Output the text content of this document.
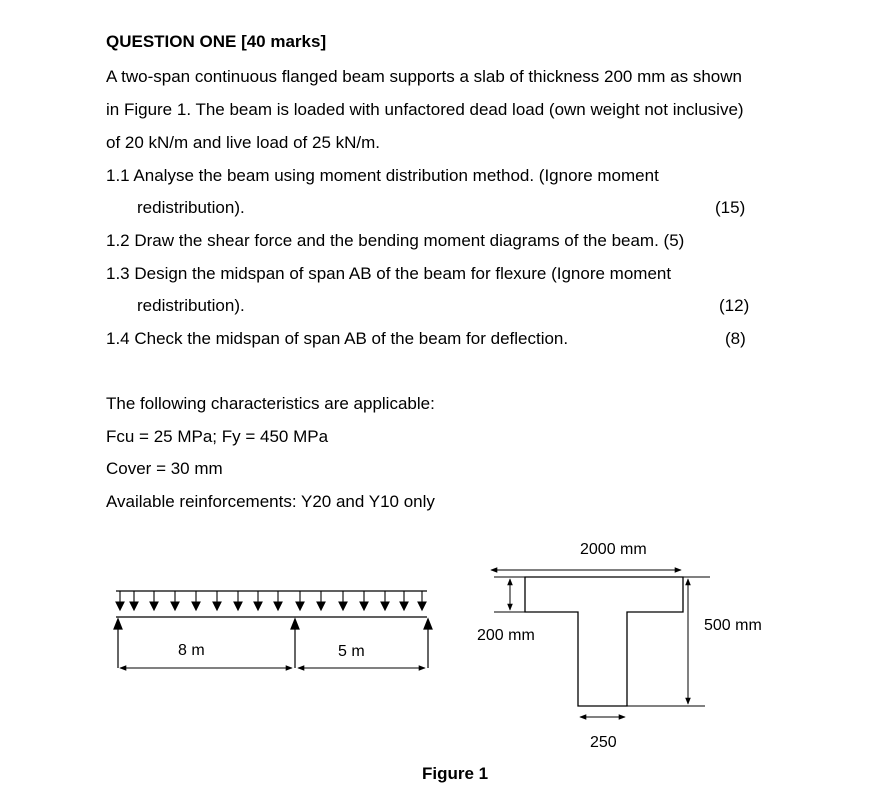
QUESTION ONE [40 marks]
A two-span continuous flanged beam supports a slab of thickness 200 mm as shown
in Figure 1. The beam is loaded with unfactored dead load (own weight not inclusive)
of 20 kN/m and live load of 25 kN/m.
1.1 Analyse the beam using moment distribution method. (Ignore moment
redistribution).	(15)
1.2 Draw the shear force and the bending moment diagrams of the beam. (5)
1.3 Design the midspan of span AB of the beam for flexure (Ignore moment
redistribution).	(12)
1.4 Check the midspan of span AB of the beam for deflection.	(8)
The following characteristics are applicable:
Fcu = 25 MPa; Fy = 450 MPa
Cover = 30 mm
Available reinforcements: Y20 and Y10 only
8 m	5 m
2000 mm
200 mm
500 mm
250
Figure 1
